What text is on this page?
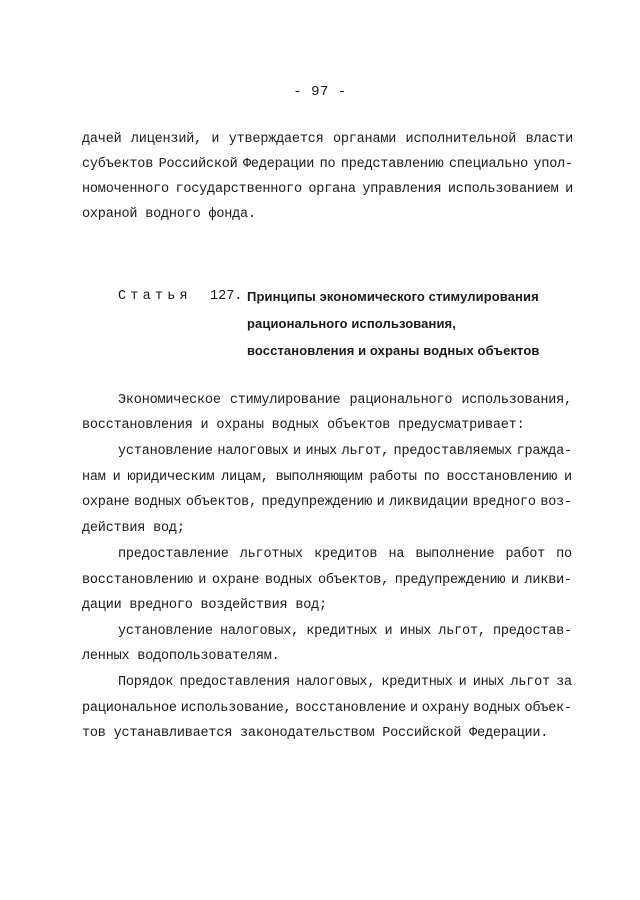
- 97 -
дачей лицензий, и утверждается органами исполнительной власти
субъектов Российской Федерации по представлению специально упол-
номоченного государственного органа управления использованием и
охраной водного фонда.
Статья 127. Принципы экономического стимулирования
рационального использования,
восстановления и охраны водных объектов
Экономическое стимулирование рационального использования,
восстановления и охраны водных объектов предусматривает:
установление налоговых и иных льгот, предоставляемых гражда-
нам и юридическим лицам, выполняющим работы по восстановлению и
охране водных объектов, предупреждению и ликвидации вредного воз-
действия вод;
предоставление льготных кредитов на выполнение работ по
восстановлению и охране водных объектов, предупреждению и ликви-
дации вредного воздействия вод;
установление налоговых, кредитных и иных льгот, предостав-
ленных водопользователям.
Порядок предоставления налоговых, кредитных и иных льгот за
рациональное использование, восстановление и охрану водных объек-
тов устанавливается законодательством Российской Федерации.
